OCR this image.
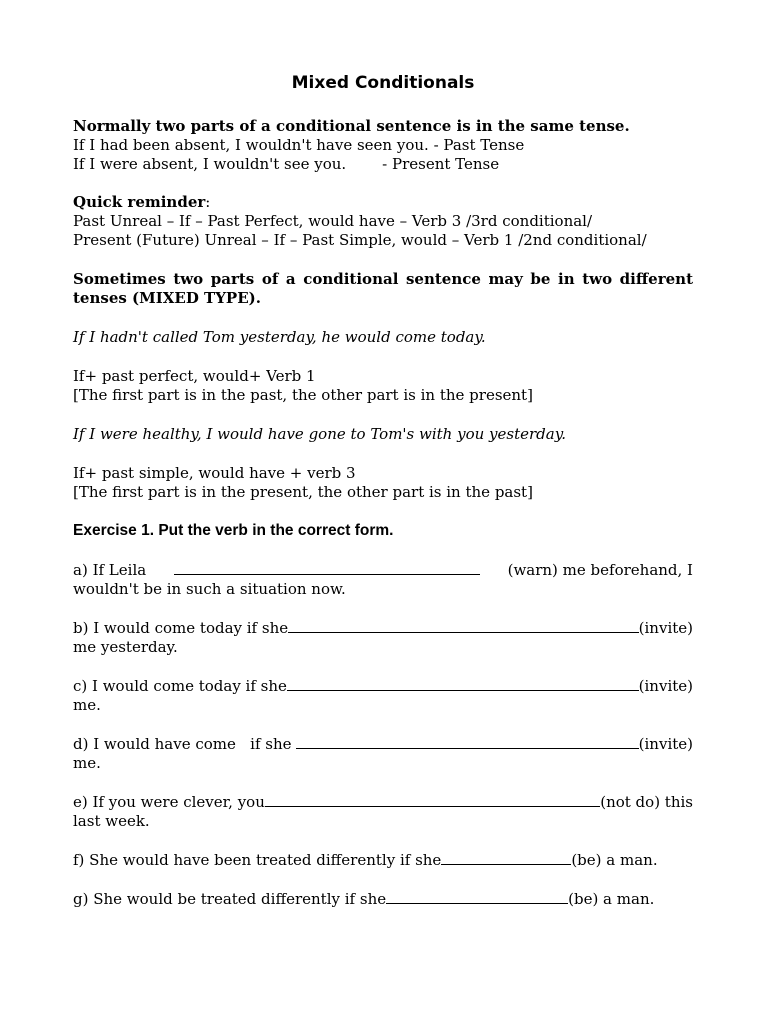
Mixed Conditionals
Normally two parts of a conditional sentence is in the same tense.
If I had been absent, I wouldn't have seen you. - Past Tense
If I were absent, I wouldn't see you. - Present Tense
Quick reminder:
Past Unreal – If – Past Perfect, would have – Verb 3 /3rd conditional/
Present (Future) Unreal – If – Past Simple, would – Verb 1 /2nd conditional/
Sometimes two parts of a conditional sentence may be in two different tenses (MIXED TYPE).
If I hadn't called Tom yesterday, he would come today.
If+ past perfect, would+ Verb 1
[The first part is in the past, the other part is in the present]
If I were healthy, I would have gone to Tom's with you yesterday.
If+ past simple, would have + verb 3
[The first part is in the present, the other part is in the past]
Exercise 1. Put the verb in the correct form.
a) If Leila	(warn) me beforehand, I
wouldn't be in such a situation now.
b) I would come today if she	(invite)
me yesterday.
c) I would come today if she	(invite)
me.
d) I would have come   if she	(invite)
me.
e) If you were clever, you	(not do) this
last week.
f) She would have been treated differently if she	(be) a man.
g) She would be treated differently if she	(be) a man.
